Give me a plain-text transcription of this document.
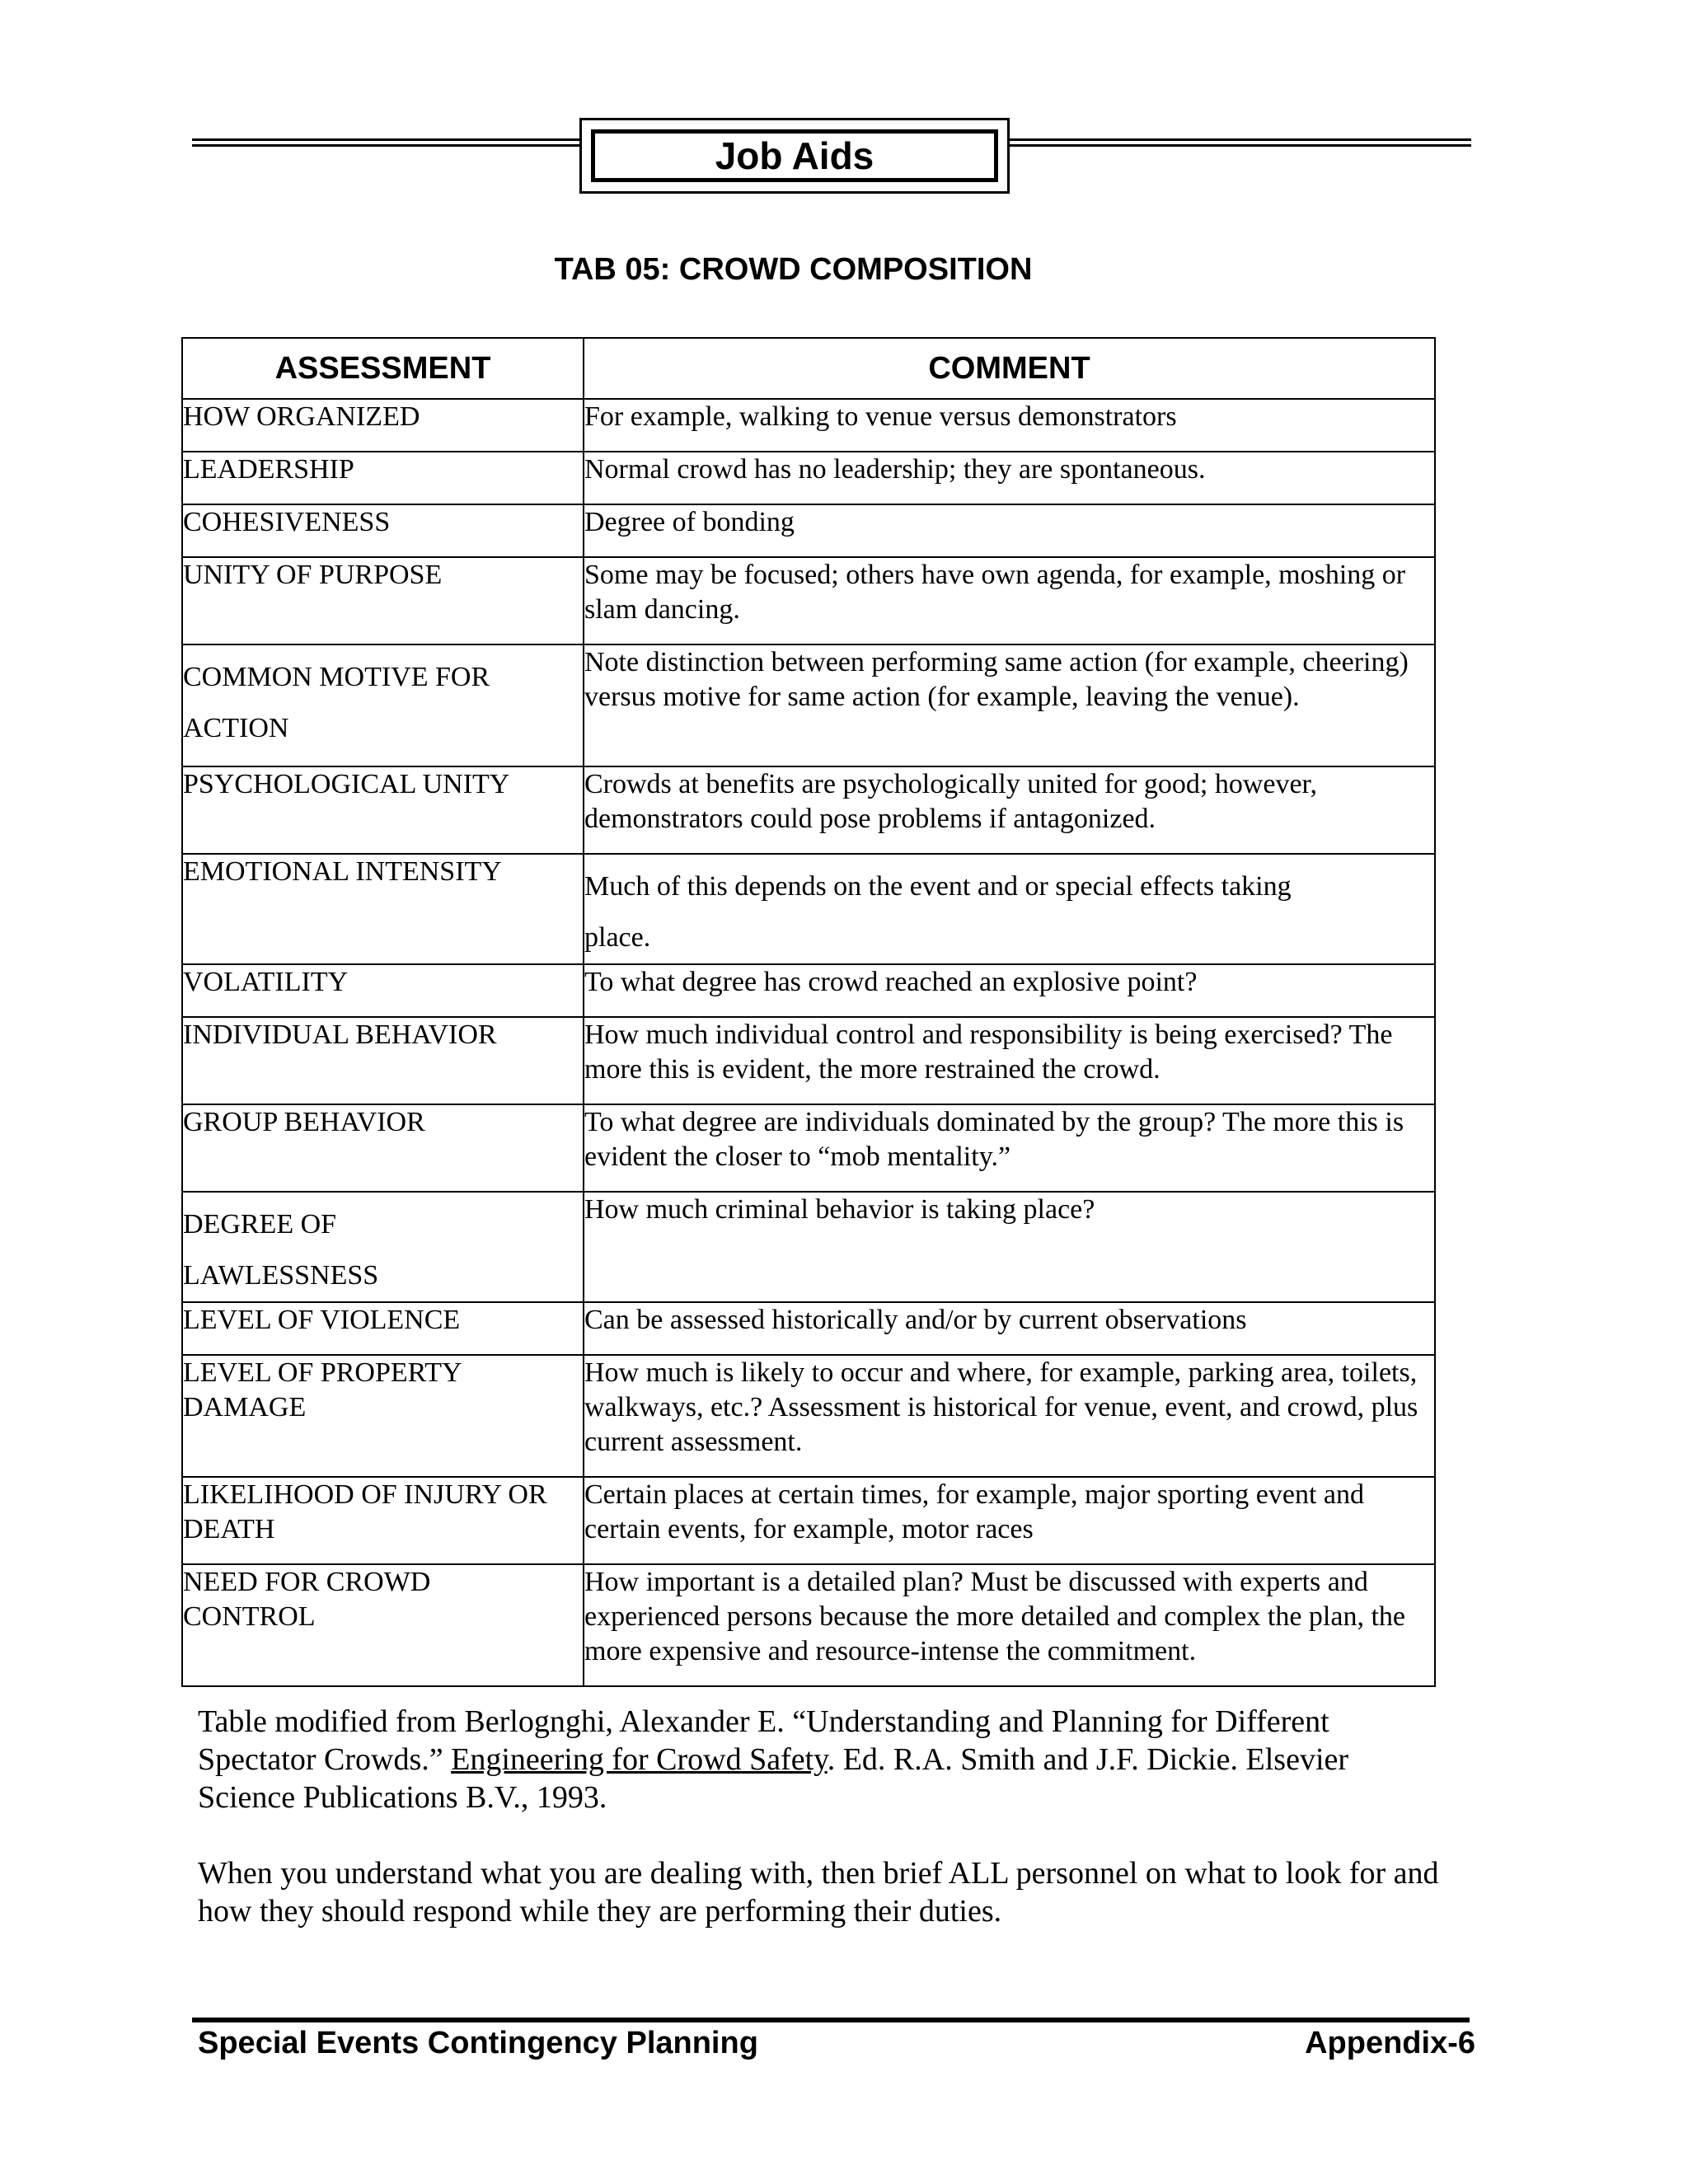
Job Aids
TAB 05: CROWD COMPOSITION
ASSESSMENT	COMMENT
HOW ORGANIZED	For example, walking to venue versus demonstrators
LEADERSHIP	Normal crowd has no leadership; they are spontaneous.
COHESIVENESS	Degree of bonding
UNITY OF PURPOSE	Some may be focused; others have own agenda, for example, moshing or slam dancing.
COMMON MOTIVE FOR ACTION	Note distinction between performing same action (for example, cheering) versus motive for same action (for example, leaving the venue).
PSYCHOLOGICAL UNITY	Crowds at benefits are psychologically united for good; however, demonstrators could pose problems if antagonized.
EMOTIONAL INTENSITY	Much of this depends on the event and or special effects taking place.
VOLATILITY	To what degree has crowd reached an explosive point?
INDIVIDUAL BEHAVIOR	How much individual control and responsibility is being exercised? The more this is evident, the more restrained the crowd.
GROUP BEHAVIOR	To what degree are individuals dominated by the group? The more this is evident the closer to “mob mentality.”
DEGREE OF LAWLESSNESS	How much criminal behavior is taking place?
LEVEL OF VIOLENCE	Can be assessed historically and/or by current observations
LEVEL OF PROPERTY DAMAGE	How much is likely to occur and where, for example, parking area, toilets, walkways, etc.? Assessment is historical for venue, event, and crowd, plus current assessment.
LIKELIHOOD OF INJURY OR DEATH	Certain places at certain times, for example, major sporting event and certain events, for example, motor races
NEED FOR CROWD CONTROL	How important is a detailed plan? Must be discussed with experts and experienced persons because the more detailed and complex the plan, the more expensive and resource-intense the commitment.

Table modified from Berlognghi, Alexander E. “Understanding and Planning for Different Spectator Crowds.” Engineering for Crowd Safety. Ed. R.A. Smith and J.F. Dickie. Elsevier Science Publications B.V., 1993.

When you understand what you are dealing with, then brief ALL personnel on what to look for and how they should respond while they are performing their duties.

Special Events Contingency Planning	Appendix-6
